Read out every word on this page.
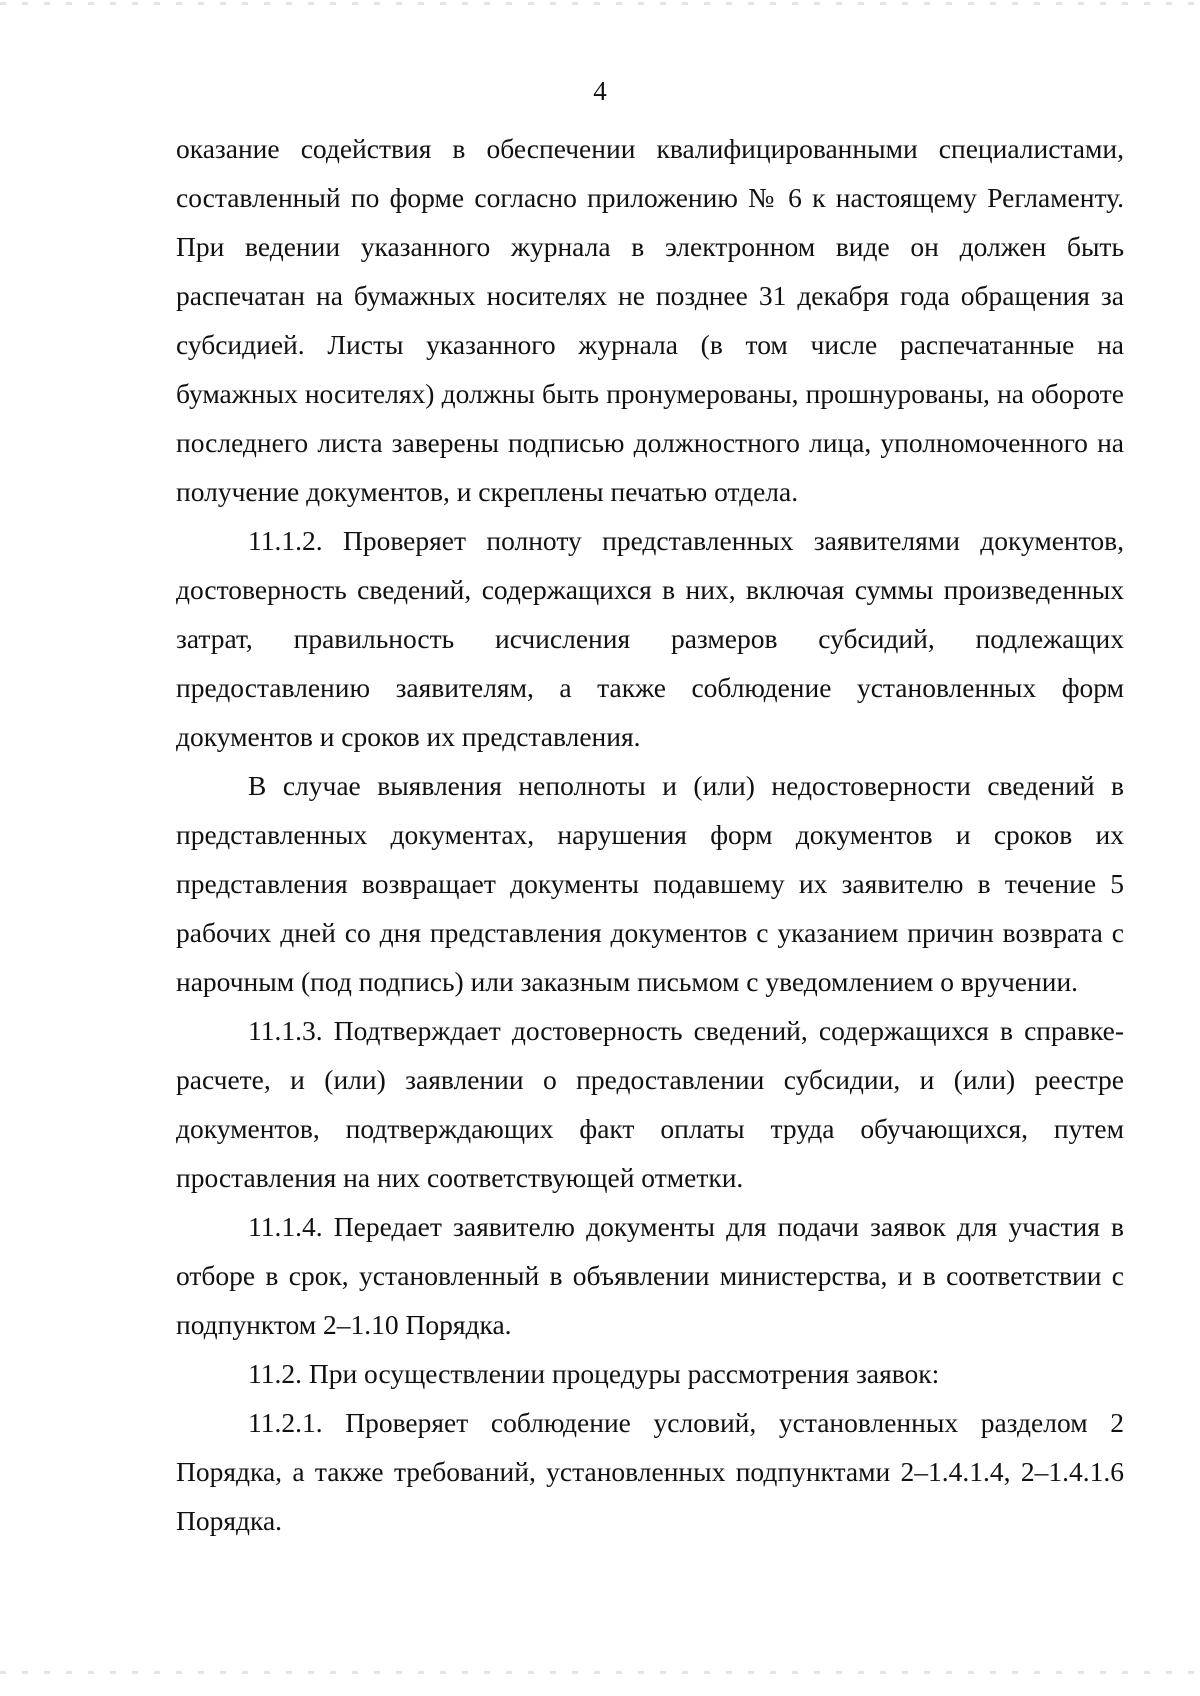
4

оказание содействия в обеспечении квалифицированными специалистами, составленный по форме согласно приложению № 6 к настоящему Регламенту. При ведении указанного журнала в электронном виде он должен быть распечатан на бумажных носителях не позднее 31 декабря года обращения за субсидией. Листы указанного журнала (в том числе распечатанные на бумажных носителях) должны быть пронумерованы, прошнурованы, на обороте последнего листа заверены подписью должностного лица, уполномоченного на получение документов, и скреплены печатью отдела.

11.1.2. Проверяет полноту представленных заявителями документов, достоверность сведений, содержащихся в них, включая суммы произведенных затрат, правильность исчисления размеров субсидий, подлежащих предоставлению заявителям, а также соблюдение установленных форм документов и сроков их представления.

В случае выявления неполноты и (или) недостоверности сведений в представленных документах, нарушения форм документов и сроков их представления возвращает документы подавшему их заявителю в течение 5 рабочих дней со дня представления документов с указанием причин возврата с нарочным (под подпись) или заказным письмом с уведомлением о вручении.

11.1.3. Подтверждает достоверность сведений, содержащихся в справке-расчете, и (или) заявлении о предоставлении субсидии, и (или) реестре документов, подтверждающих факт оплаты труда обучающихся, путем проставления на них соответствующей отметки.

11.1.4. Передает заявителю документы для подачи заявок для участия в отборе в срок, установленный в объявлении министерства, и в соответствии с подпунктом 2–1.10 Порядка.

11.2. При осуществлении процедуры рассмотрения заявок:

11.2.1. Проверяет соблюдение условий, установленных разделом 2 Порядка, а также требований, установленных подпунктами 2–1.4.1.4, 2–1.4.1.6 Порядка.
